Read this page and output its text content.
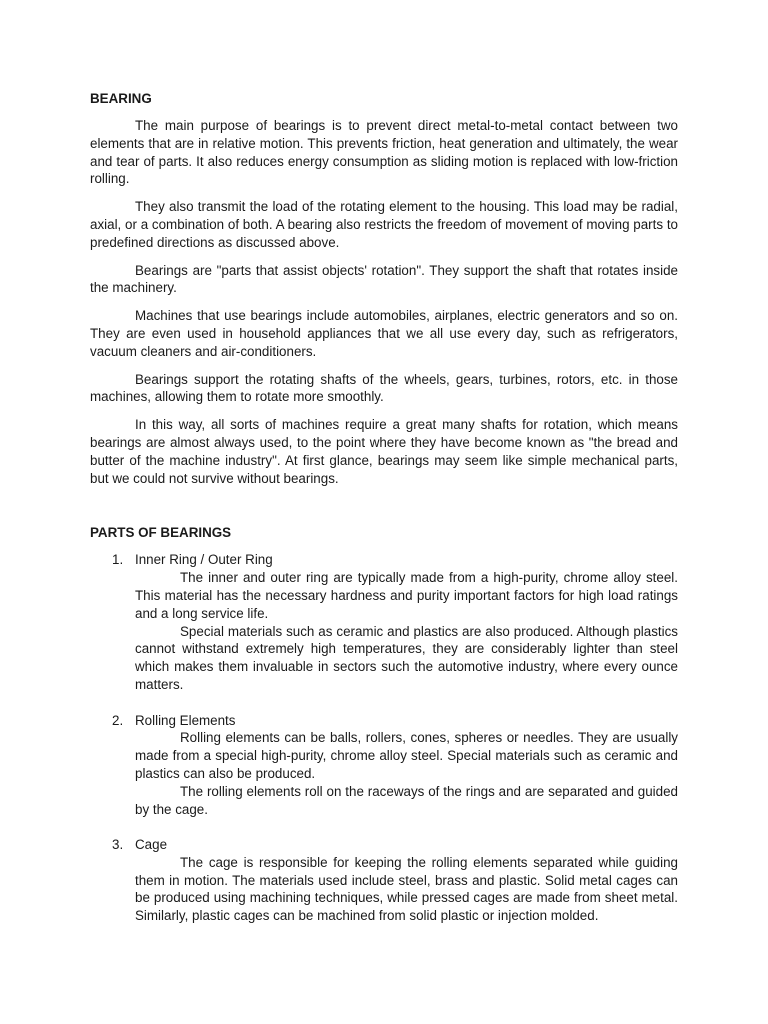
BEARING

The main purpose of bearings is to prevent direct metal-to-metal contact between two elements that are in relative motion. This prevents friction, heat generation and ultimately, the wear and tear of parts. It also reduces energy consumption as sliding motion is replaced with low-friction rolling.

They also transmit the load of the rotating element to the housing. This load may be radial, axial, or a combination of both. A bearing also restricts the freedom of movement of moving parts to predefined directions as discussed above.

Bearings are "parts that assist objects' rotation". They support the shaft that rotates inside the machinery.

Machines that use bearings include automobiles, airplanes, electric generators and so on. They are even used in household appliances that we all use every day, such as refrigerators, vacuum cleaners and air-conditioners.

Bearings support the rotating shafts of the wheels, gears, turbines, rotors, etc. in those machines, allowing them to rotate more smoothly.

In this way, all sorts of machines require a great many shafts for rotation, which means bearings are almost always used, to the point where they have become known as "the bread and butter of the machine industry". At first glance, bearings may seem like simple mechanical parts, but we could not survive without bearings.

PARTS OF BEARINGS

1. Inner Ring / Outer Ring

The inner and outer ring are typically made from a high-purity, chrome alloy steel. This material has the necessary hardness and purity important factors for high load ratings and a long service life.

Special materials such as ceramic and plastics are also produced. Although plastics cannot withstand extremely high temperatures, they are considerably lighter than steel which makes them invaluable in sectors such the automotive industry, where every ounce matters.

2. Rolling Elements

Rolling elements can be balls, rollers, cones, spheres or needles. They are usually made from a special high-purity, chrome alloy steel. Special materials such as ceramic and plastics can also be produced.

The rolling elements roll on the raceways of the rings and are separated and guided by the cage.

3. Cage

The cage is responsible for keeping the rolling elements separated while guiding them in motion. The materials used include steel, brass and plastic. Solid metal cages can be produced using machining techniques, while pressed cages are made from sheet metal. Similarly, plastic cages can be machined from solid plastic or injection molded.
